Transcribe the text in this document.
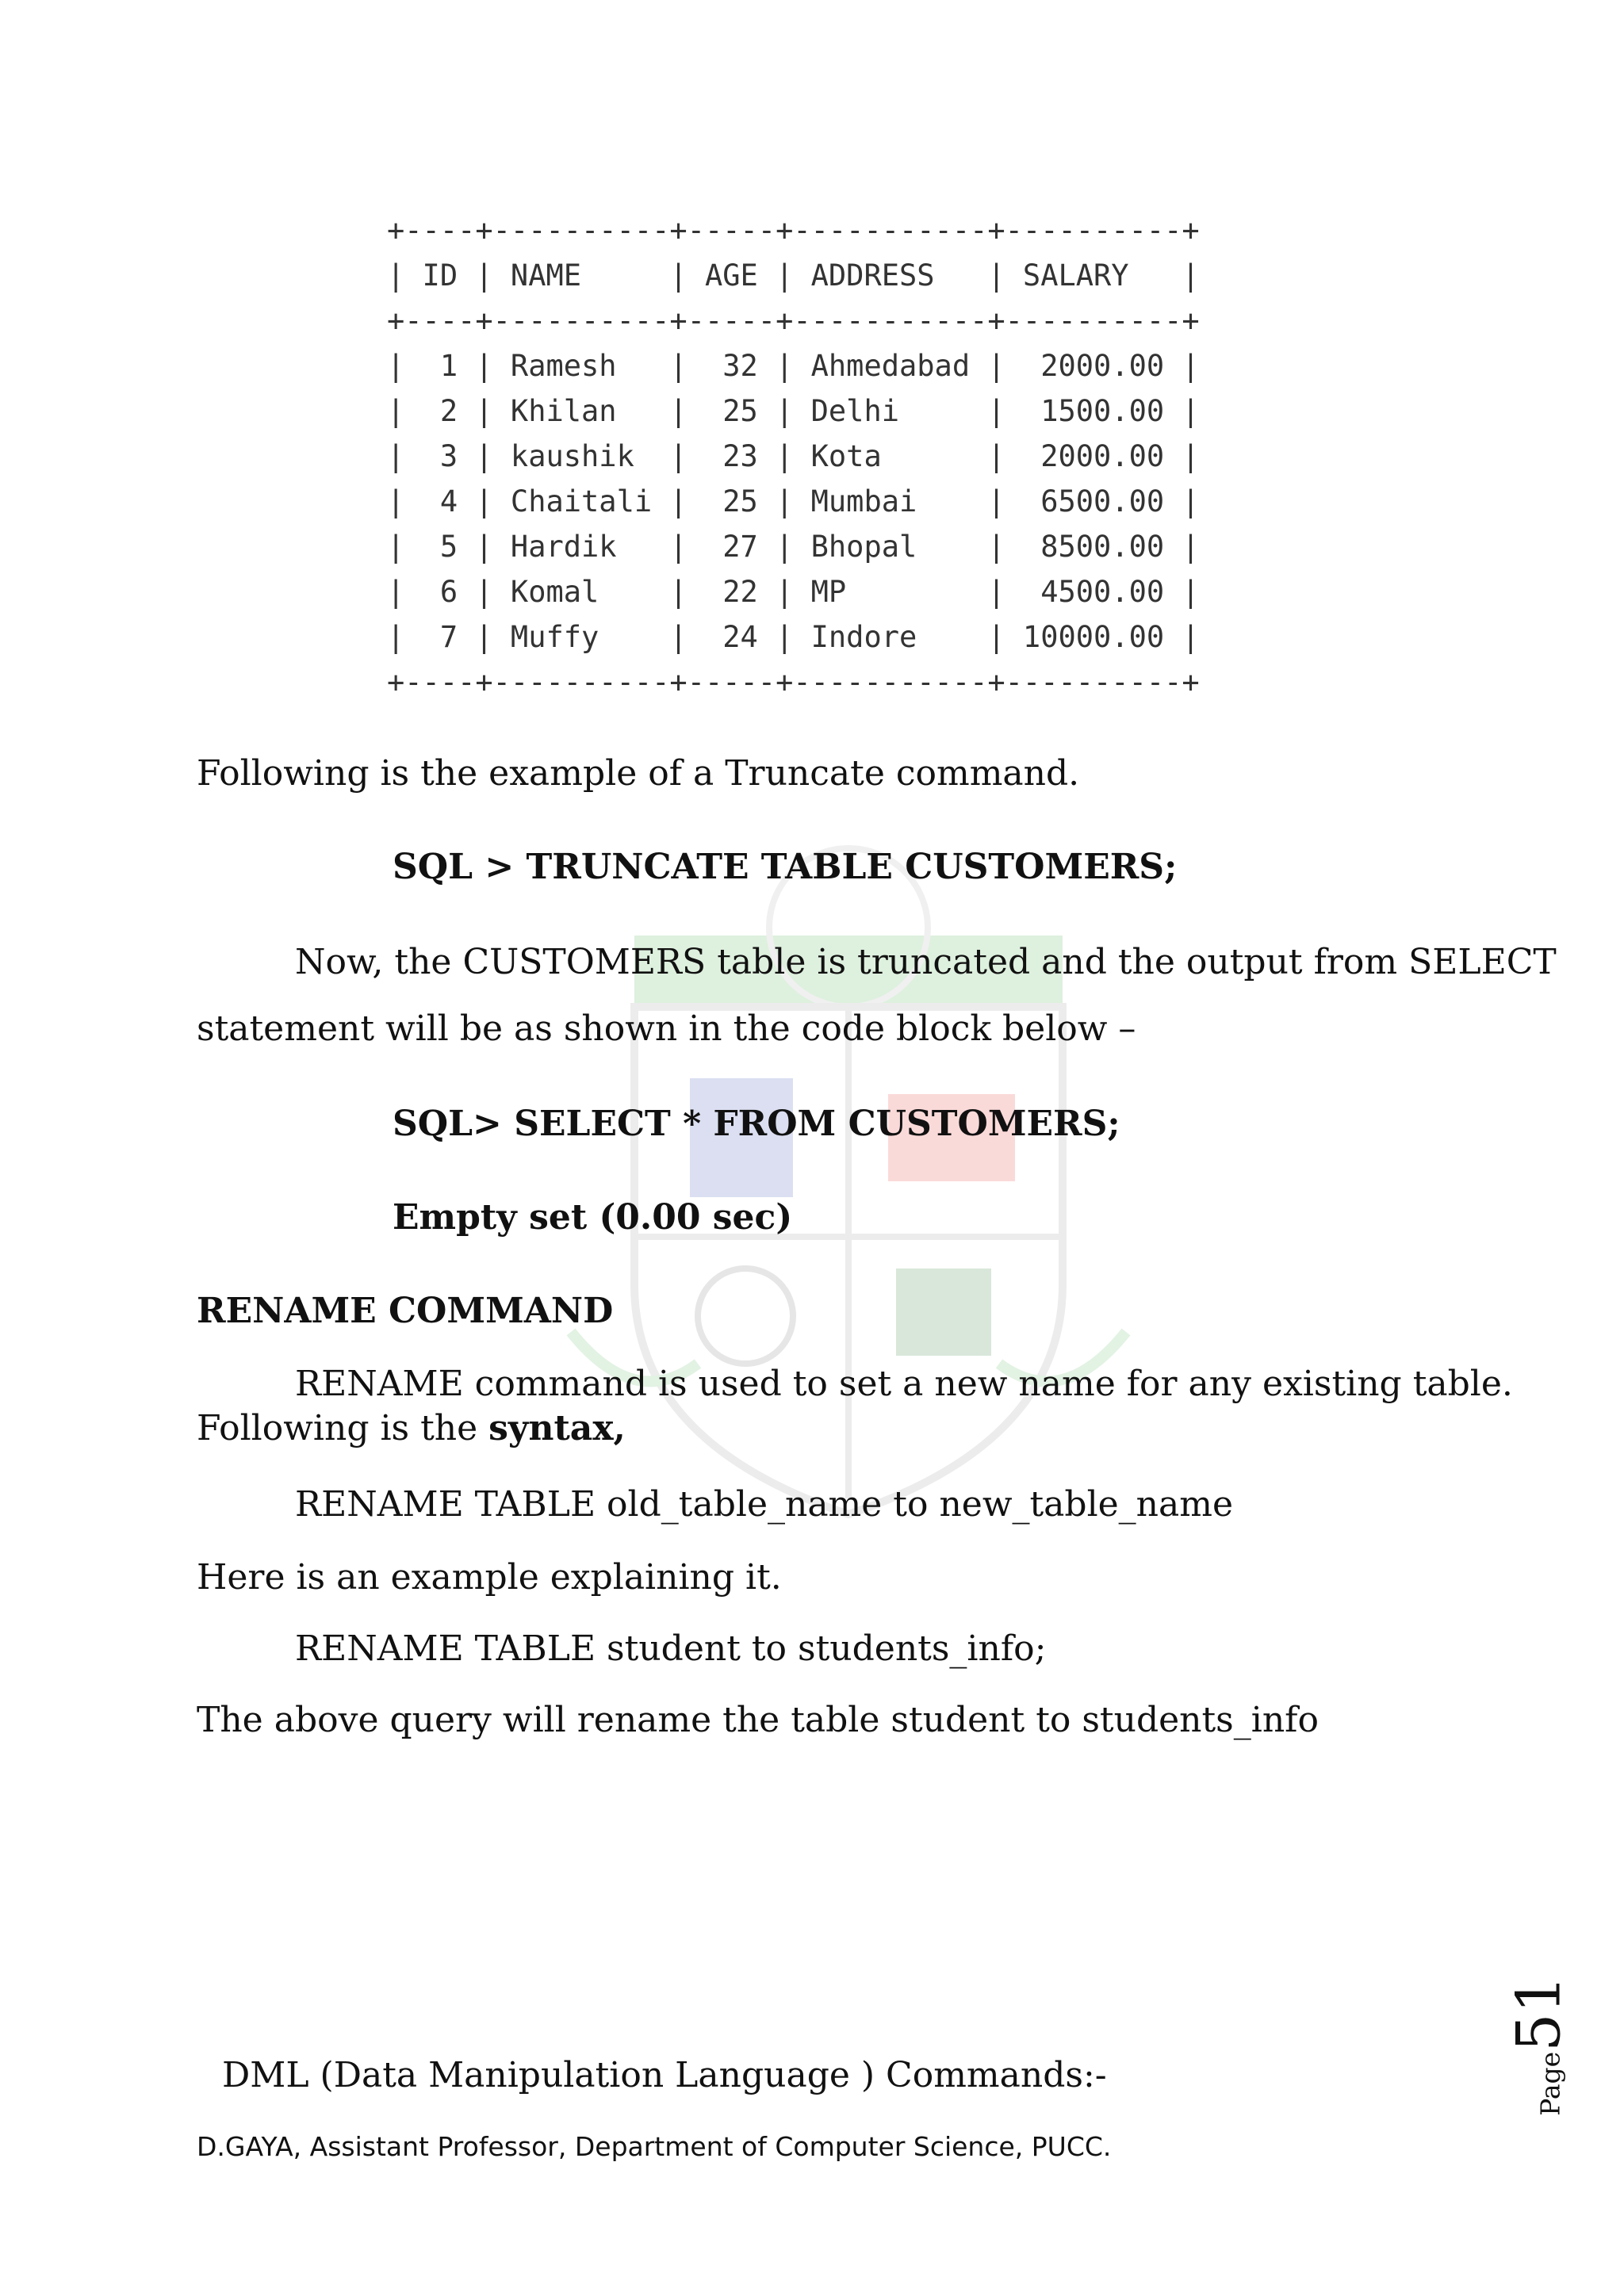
+----+----------+-----+-----------+----------+
| ID | NAME     | AGE | ADDRESS   | SALARY   |
+----+----------+-----+-----------+----------+
|  1 | Ramesh   |  32 | Ahmedabad |  2000.00 |
|  2 | Khilan   |  25 | Delhi     |  1500.00 |
|  3 | kaushik  |  23 | Kota      |  2000.00 |
|  4 | Chaitali |  25 | Mumbai    |  6500.00 |
|  5 | Hardik   |  27 | Bhopal    |  8500.00 |
|  6 | Komal    |  22 | MP        |  4500.00 |
|  7 | Muffy    |  24 | Indore    | 10000.00 |
+----+----------+-----+-----------+----------+
Following is the example of a Truncate command.
SQL > TRUNCATE TABLE CUSTOMERS;
Now, the CUSTOMERS table is truncated and the output from SELECT
statement will be as shown in the code block below –
SQL> SELECT * FROM CUSTOMERS;
Empty set (0.00 sec)
RENAME COMMAND
RENAME command is used to set a new name for any existing table.
Following is the syntax,
RENAME TABLE old_table_name to new_table_name
Here is an example explaining it.
RENAME TABLE student to students_info;
The above query will rename the table student to students_info
DML (Data Manipulation Language ) Commands:-
D.GAYA, Assistant Professor, Department of Computer Science, PUCC.
Page51
